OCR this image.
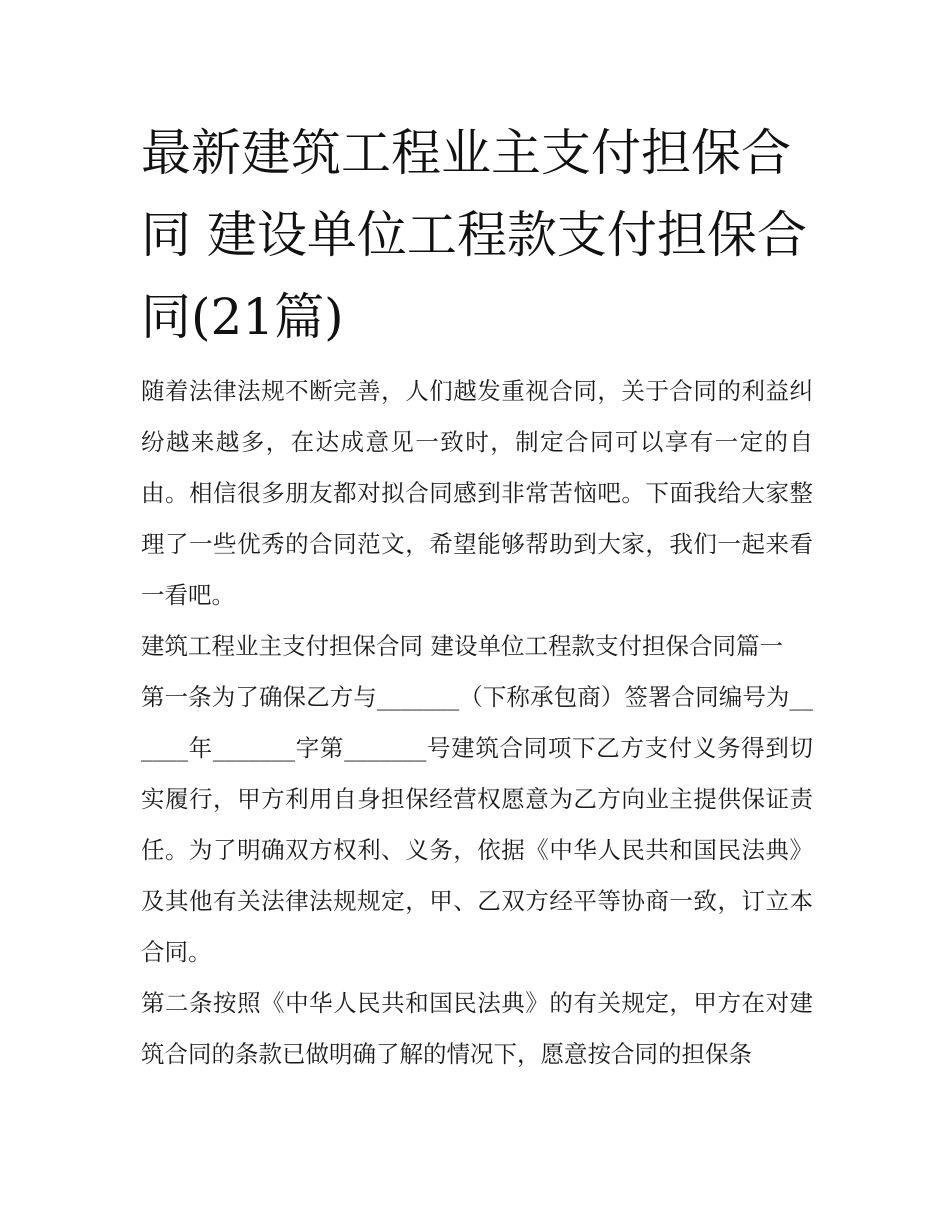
最新建筑工程业主支付担保合同 建设单位工程款支付担保合同(21篇)

随着法律法规不断完善，人们越发重视合同，关于合同的利益纠纷越来越多，在达成意见一致时，制定合同可以享有一定的自由。相信很多朋友都对拟合同感到非常苦恼吧。下面我给大家整理了一些优秀的合同范文，希望能够帮助到大家，我们一起来看一看吧。

建筑工程业主支付担保合同 建设单位工程款支付担保合同篇一

第一条为了确保乙方与_______（下称承包商）签署合同编号为______年_______字第_______号建筑合同项下乙方支付义务得到切实履行，甲方利用自身担保经营权愿意为乙方向业主提供保证责任。为了明确双方权利、义务，依据《中华人民共和国民法典》及其他有关法律法规规定，甲、乙双方经平等协商一致，订立本合同。

第二条按照《中华人民共和国民法典》的有关规定，甲方在对建筑合同的条款已做明确了解的情况下，愿意按合同的担保条
